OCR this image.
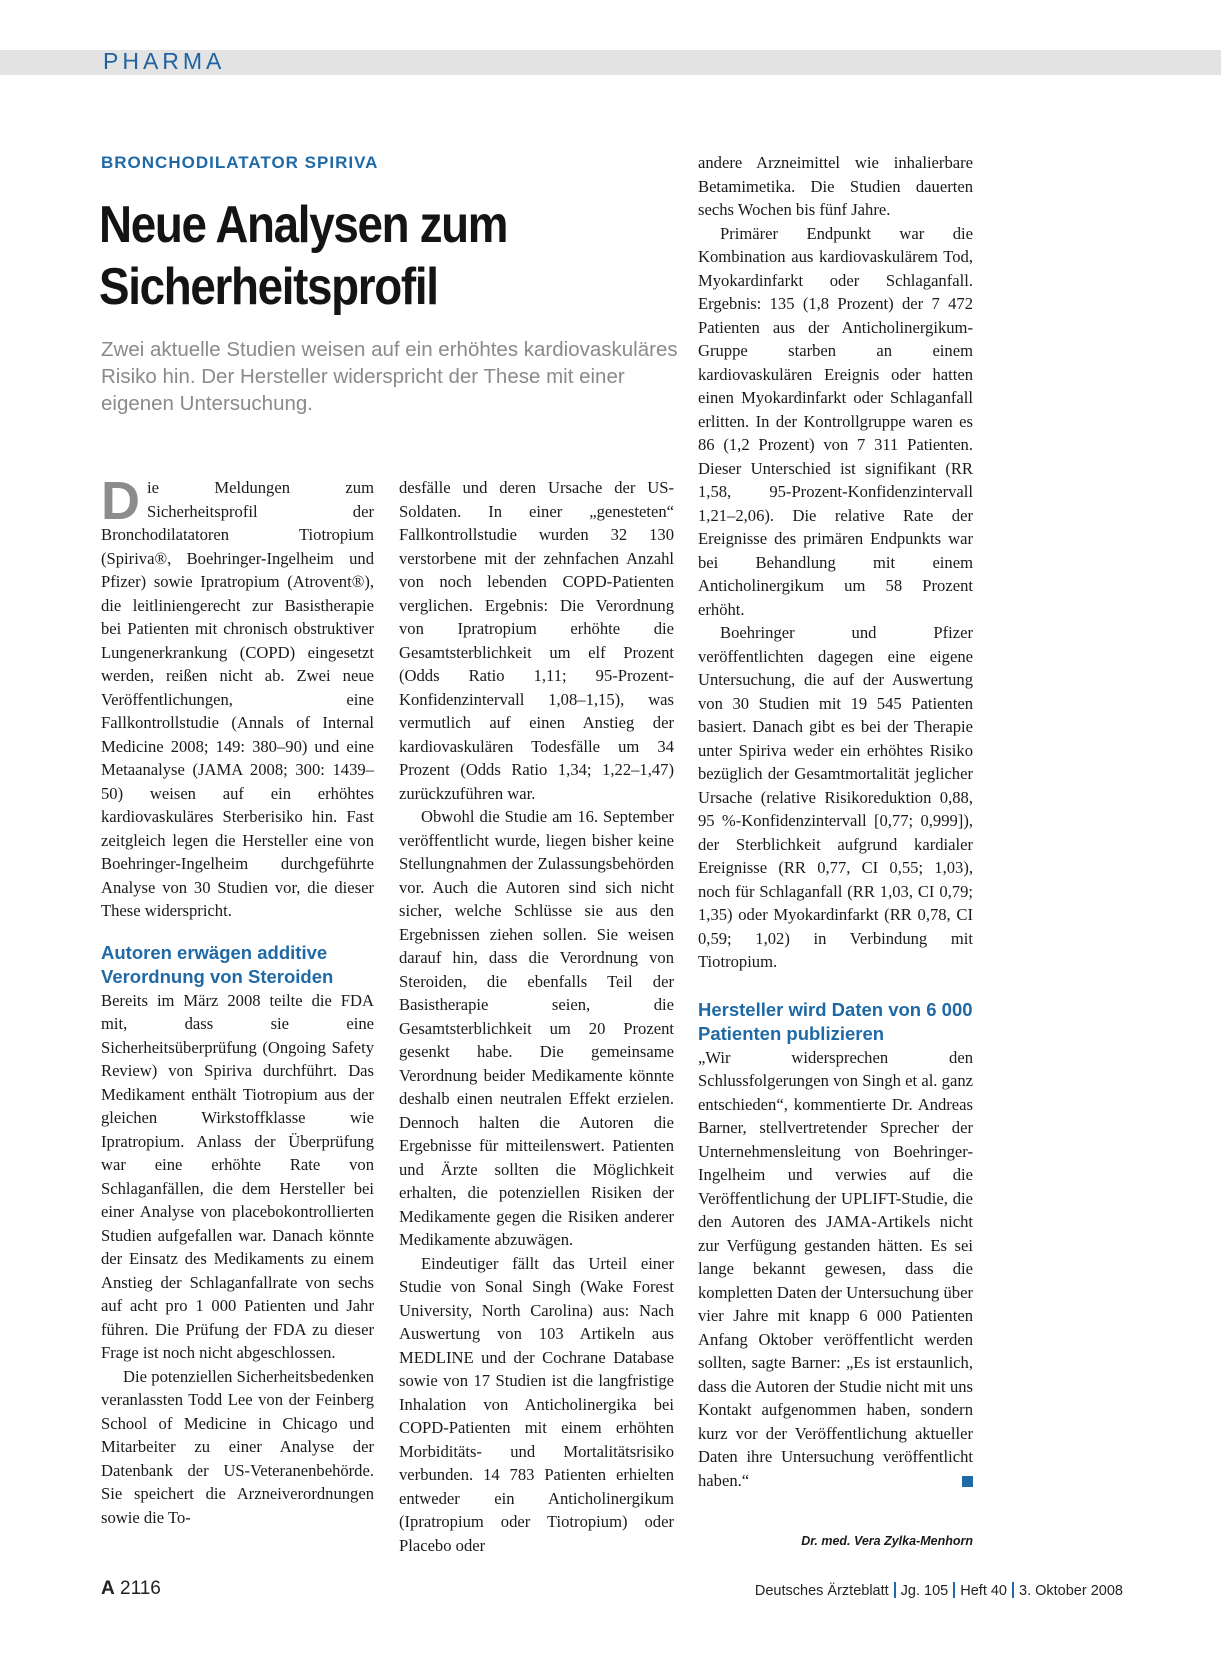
PHARMA
BRONCHODILATATOR SPIRIVA
Neue Analysen zum
Sicherheitsprofil
Zwei aktuelle Studien weisen auf ein erhöhtes kardiovaskuläres Risiko hin. Der Hersteller widerspricht der These mit einer eigenen Untersuchung.

Die Meldungen zum Sicherheitsprofil der Bronchodilatatoren Tiotropium (Spiriva®, Boehringer-Ingelheim und Pfizer) sowie Ipratropium (Atrovent®), die leitliniengerecht zur Basistherapie bei Patienten mit chronisch obstruktiver Lungenerkrankung (COPD) eingesetzt werden, reißen nicht ab. Zwei neue Veröffentlichungen, eine Fallkontrollstudie (Annals of Internal Medicine 2008; 149: 380–90) und eine Metaanalyse (JAMA 2008; 300: 1439–50) weisen auf ein erhöhtes kardiovaskuläres Sterberisiko hin. Fast zeitgleich legen die Hersteller eine von Boehringer-Ingelheim durchgeführte Analyse von 30 Studien vor, die dieser These widerspricht.

Autoren erwägen additive Verordnung von Steroiden

Bereits im März 2008 teilte die FDA mit, dass sie eine Sicherheitsüberprüfung (Ongoing Safety Review) von Spiriva durchführt. Das Medikament enthält Tiotropium aus der gleichen Wirkstoffklasse wie Ipratropium. Anlass der Überprüfung war eine erhöhte Rate von Schlaganfällen, die dem Hersteller bei einer Analyse von placebokontrollierten Studien aufgefallen war. Danach könnte der Einsatz des Medikaments zu einem Anstieg der Schlaganfallrate von sechs auf acht pro 1 000 Patienten und Jahr führen. Die Prüfung der FDA zu dieser Frage ist noch nicht abgeschlossen.

Die potenziellen Sicherheitsbedenken veranlassten Todd Lee von der Feinberg School of Medicine in Chicago und Mitarbeiter zu einer Analyse der Datenbank der US-Veteranenbehörde. Sie speichert die Arzneiverordnungen sowie die To-

desfälle und deren Ursache der US-Soldaten. In einer „genesteten“ Fallkontrollstudie wurden 32 130 verstorbene mit der zehnfachen Anzahl von noch lebenden COPD-Patienten verglichen. Ergebnis: Die Verordnung von Ipratropium erhöhte die Gesamtsterblichkeit um elf Prozent (Odds Ratio 1,11; 95-Prozent-Konfidenzintervall 1,08–1,15), was vermutlich auf einen Anstieg der kardiovaskulären Todesfälle um 34 Prozent (Odds Ratio 1,34; 1,22–1,47) zurückzuführen war.

Obwohl die Studie am 16. September veröffentlicht wurde, liegen bisher keine Stellungnahmen der Zulassungsbehörden vor. Auch die Autoren sind sich nicht sicher, welche Schlüsse sie aus den Ergebnissen ziehen sollen. Sie weisen darauf hin, dass die Verordnung von Steroiden, die ebenfalls Teil der Basistherapie seien, die Gesamtsterblichkeit um 20 Prozent gesenkt habe. Die gemeinsame Verordnung beider Medikamente könnte deshalb einen neutralen Effekt erzielen. Dennoch halten die Autoren die Ergebnisse für mitteilenswert. Patienten und Ärzte sollten die Möglichkeit erhalten, die potenziellen Risiken der Medikamente gegen die Risiken anderer Medikamente abzuwägen.

Eindeutiger fällt das Urteil einer Studie von Sonal Singh (Wake Forest University, North Carolina) aus: Nach Auswertung von 103 Artikeln aus MEDLINE und der Cochrane Database sowie von 17 Studien ist die langfristige Inhalation von Anticholinergika bei COPD-Patienten mit einem erhöhten Morbiditäts- und Mortalitätsrisiko verbunden. 14 783 Patienten erhielten entweder ein Anticholinergikum (Ipratropium oder Tiotropium) oder Placebo oder

andere Arzneimittel wie inhalierbare Betamimetika. Die Studien dauerten sechs Wochen bis fünf Jahre.

Primärer Endpunkt war die Kombination aus kardiovaskulärem Tod, Myokardinfarkt oder Schlaganfall. Ergebnis: 135 (1,8 Prozent) der 7 472 Patienten aus der Anticholinergikum-Gruppe starben an einem kardiovaskulären Ereignis oder hatten einen Myokardinfarkt oder Schlaganfall erlitten. In der Kontrollgruppe waren es 86 (1,2 Prozent) von 7 311 Patienten. Dieser Unterschied ist signifikant (RR 1,58, 95-Prozent-Konfidenzintervall 1,21–2,06). Die relative Rate der Ereignisse des primären Endpunkts war bei Behandlung mit einem Anticholinergikum um 58 Prozent erhöht.

Boehringer und Pfizer veröffentlichten dagegen eine eigene Untersuchung, die auf der Auswertung von 30 Studien mit 19 545 Patienten basiert. Danach gibt es bei der Therapie unter Spiriva weder ein erhöhtes Risiko bezüglich der Gesamtmortalität jeglicher Ursache (relative Risikoreduktion 0,88, 95 %-Konfidenzintervall [0,77; 0,999]), der Sterblichkeit aufgrund kardialer Ereignisse (RR 0,77, CI 0,55; 1,03), noch für Schlaganfall (RR 1,03, CI 0,79; 1,35) oder Myokardinfarkt (RR 0,78, CI 0,59; 1,02) in Verbindung mit Tiotropium.

Hersteller wird Daten von 6 000 Patienten publizieren

„Wir widersprechen den Schlussfolgerungen von Singh et al. ganz entschieden“, kommentierte Dr. Andreas Barner, stellvertretender Sprecher der Unternehmensleitung von Boehringer-Ingelheim und verwies auf die Veröffentlichung der UPLIFT-Studie, die den Autoren des JAMA-Artikels nicht zur Verfügung gestanden hätten. Es sei lange bekannt gewesen, dass die kompletten Daten der Untersuchung über vier Jahre mit knapp 6 000 Patienten Anfang Oktober veröffentlicht werden sollten, sagte Barner: „Es ist erstaunlich, dass die Autoren der Studie nicht mit uns Kontakt aufgenommen haben, sondern kurz vor der Veröffentlichung aktueller Daten ihre Untersuchung veröffentlicht haben.“

Dr. med. Vera Zylka-Menhorn
A 2116	Deutsches Ärzteblatt Jg. 105 Heft 40 3. Oktober 2008
